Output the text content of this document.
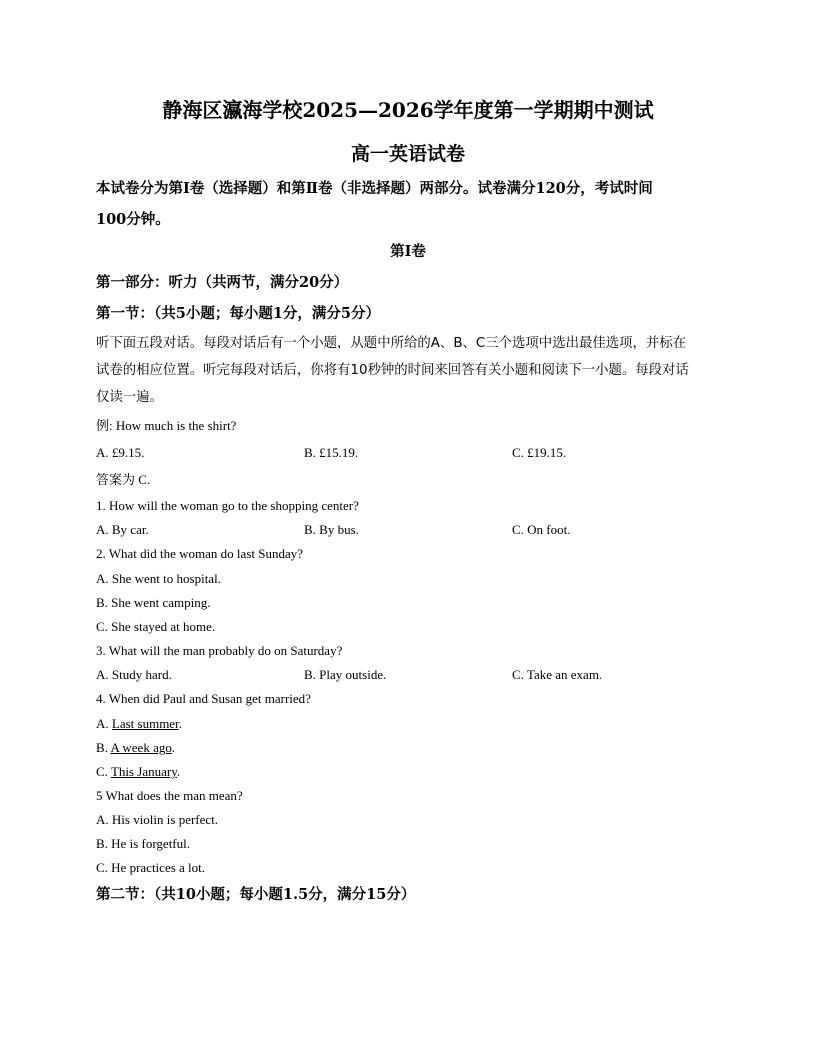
静海区瀛海学校2025—2026学年度第一学期期中测试
高一英语试卷
本试卷分为第Ⅰ卷（选择题）和第Ⅱ卷（非选择题）两部分。试卷满分120分，考试时间
100分钟。
第Ⅰ卷
第一部分：听力（共两节，满分20分）
第一节：（共5小题；每小题1分，满分5分）
听下面五段对话。每段对话后有一个小题，从题中所给的A、B、C三个选项中选出最佳选项，并标在
试卷的相应位置。听完每段对话后，你将有10秒钟的时间来回答有关小题和阅读下一小题。每段对话
仅读一遍。
例: How much is the shirt?
A. £9.15.	B. £15.19.	C. £19.15.
答案为 C.
1. How will the woman go to the shopping center?
A. By car.	B. By bus.	C. On foot.
2. What did the woman do last Sunday?
A. She went to hospital.
B. She went camping.
C. She stayed at home.
3. What will the man probably do on Saturday?
A. Study hard.	B. Play outside.	C. Take an exam.
4. When did Paul and Susan get married?
A. Last summer.
B. A week ago.
C. This January.
5 What does the man mean?
A. His violin is perfect.
B. He is forgetful.
C. He practices a lot.
第二节：（共10小题；每小题1.5分，满分15分）
